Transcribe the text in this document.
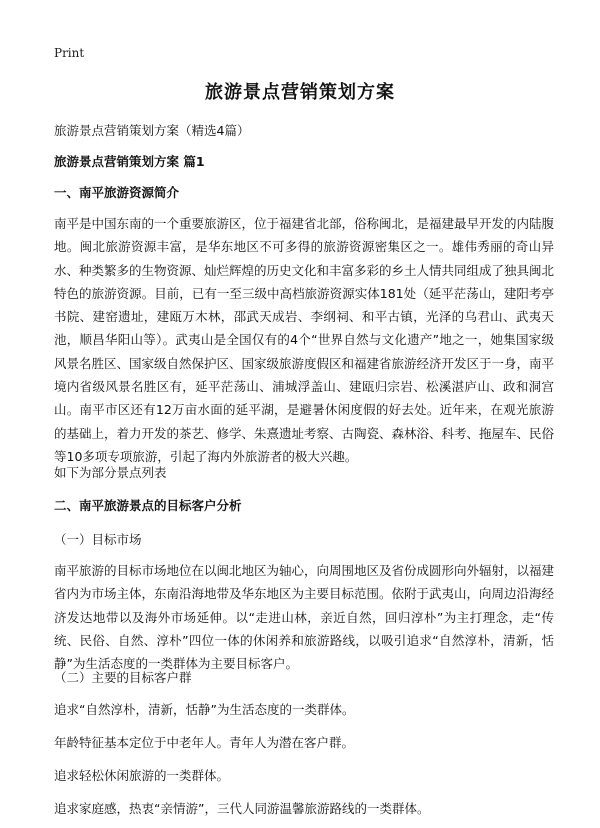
Print
旅游景点营销策划方案
旅游景点营销策划方案（精选4篇）
旅游景点营销策划方案 篇1
一、南平旅游资源简介
南平是中国东南的一个重要旅游区，位于福建省北部，俗称闽北，是福建最早开发的内陆腹地。闽北旅游资源丰富，是华东地区不可多得的旅游资源密集区之一。雄伟秀丽的奇山异水、种类繁多的生物资源、灿烂辉煌的历史文化和丰富多彩的乡土人情共同组成了独具闽北特色的旅游资源。目前，已有一至三级中高档旅游资源实体181处（延平茫荡山，建阳考亭书院、建窑遗址，建瓯万木林，邵武天成岩、李纲祠、和平古镇，光泽的乌君山、武夷天池，顺昌华阳山等）。武夷山是全国仅有的4个“世界自然与文化遗产”地之一，她集国家级风景名胜区、国家级自然保护区、国家级旅游度假区和福建省旅游经济开发区于一身，南平境内省级风景名胜区有，延平茫荡山、浦城浮盖山、建瓯归宗岩、松溪湛庐山、政和洞宫山。南平市区还有12万亩水面的延平湖，是避暑休闲度假的好去处。近年来，在观光旅游的基础上，着力开发的茶艺、修学、朱熹遗址考察、古陶瓷、森林浴、科考、拖屋车、民俗等10多项专项旅游，引起了海内外旅游者的极大兴趣。
如下为部分景点列表
二、南平旅游景点的目标客户分析
（一）目标市场
南平旅游的目标市场地位在以闽北地区为轴心，向周围地区及省份成圆形向外辐射，以福建省内为市场主体，东南沿海地带及华东地区为主要目标范围。依附于武夷山，向周边沿海经济发达地带以及海外市场延伸。以“走进山林，亲近自然，回归淳朴”为主打理念，走“传统、民俗、自然、淳朴”四位一体的休闲养和旅游路线，以吸引追求“自然淳朴，清新，恬静”为生活态度的一类群体为主要目标客户。
（二）主要的目标客户群
追求“自然淳朴，清新，恬静”为生活态度的一类群体。
年龄特征基本定位于中老年人。青年人为潜在客户群。
追求轻松休闲旅游的一类群体。
追求家庭感，热衷“亲情游”，三代人同游温馨旅游路线的一类群体。
